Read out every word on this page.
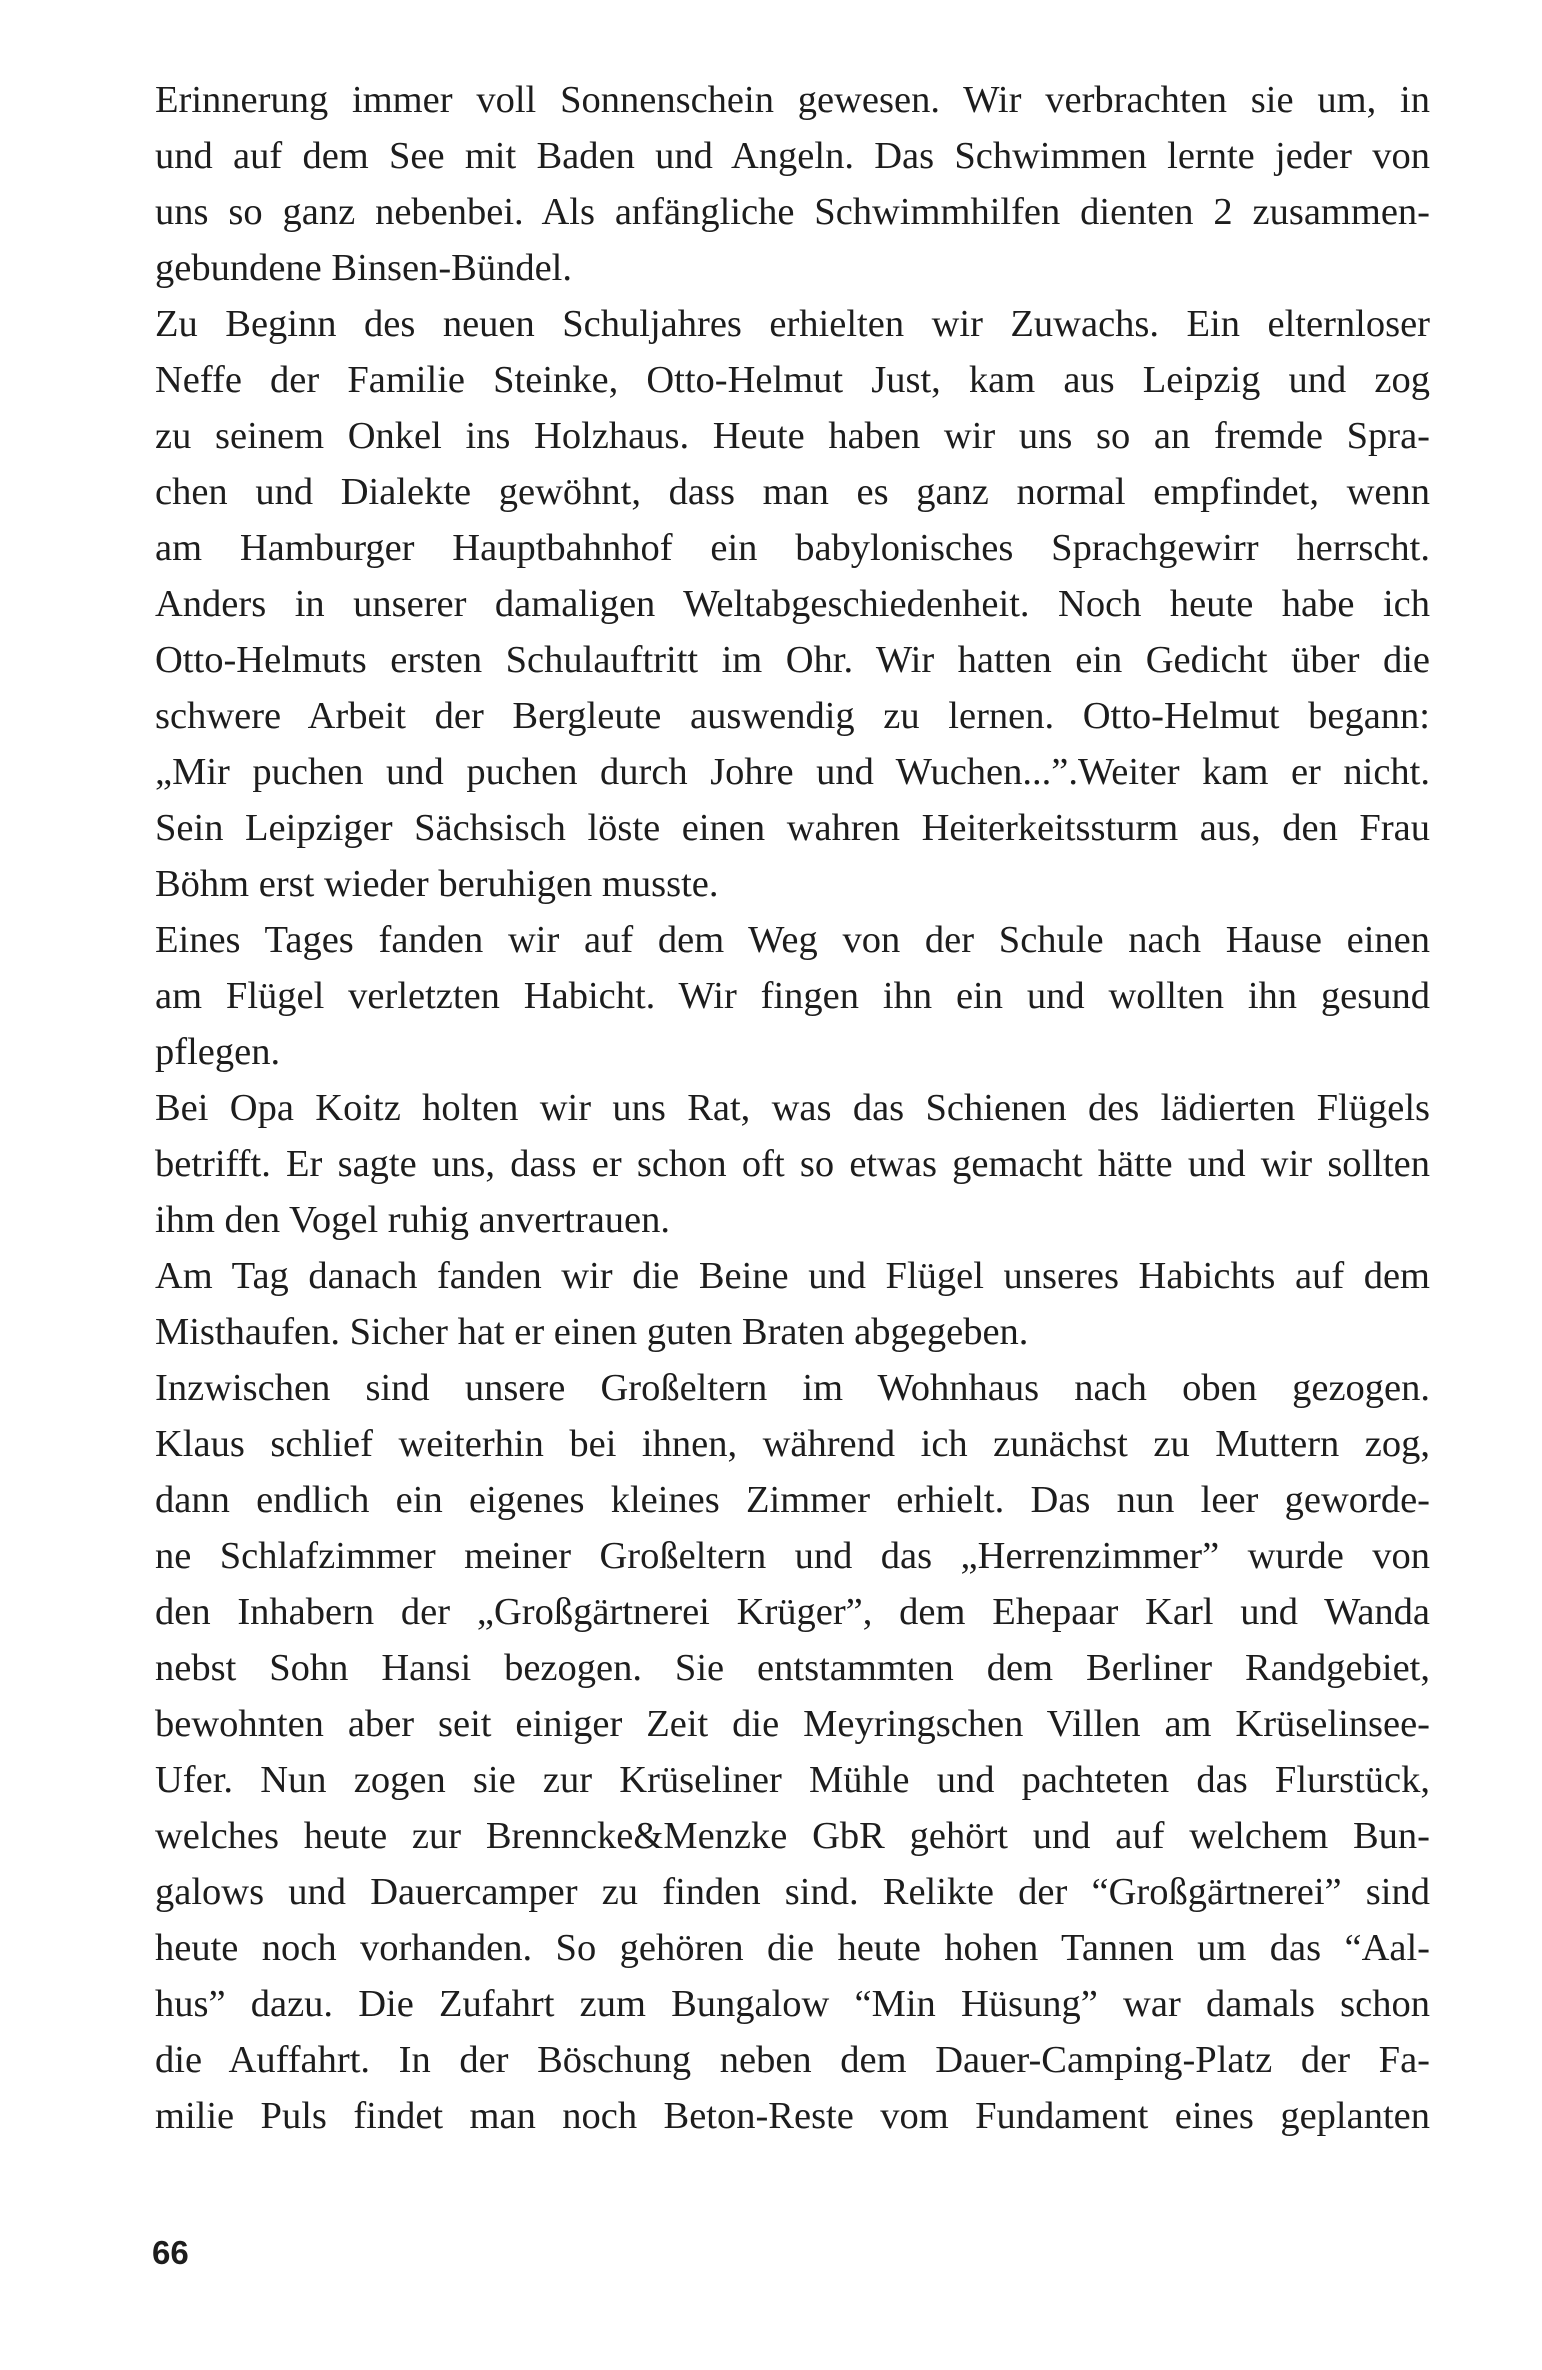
Erinnerung immer voll Sonnenschein gewesen. Wir verbrachten sie um, in
und auf dem See mit Baden und Angeln. Das Schwimmen lernte jeder von
uns so ganz nebenbei. Als anfängliche Schwimmhilfen dienten 2 zusammen-
gebundene Binsen-Bündel.

Zu Beginn des neuen Schuljahres erhielten wir Zuwachs. Ein elternloser
Neffe der Familie Steinke, Otto-Helmut Just, kam aus Leipzig und zog
zu seinem Onkel ins Holzhaus. Heute haben wir uns so an fremde Spra-
chen und Dialekte gewöhnt, dass man es ganz normal empfindet, wenn
am Hamburger Hauptbahnhof ein babylonisches Sprachgewirr herrscht.
Anders in unserer damaligen Weltabgeschiedenheit. Noch heute habe ich
Otto-Helmuts ersten Schulauftritt im Ohr. Wir hatten ein Gedicht über die
schwere Arbeit der Bergleute auswendig zu lernen. Otto-Helmut begann:
„Mir puchen und puchen durch Johre und Wuchen...”.Weiter kam er nicht.
Sein Leipziger Sächsisch löste einen wahren Heiterkeitssturm aus, den Frau
Böhm erst wieder beruhigen musste.

Eines Tages fanden wir auf dem Weg von der Schule nach Hause einen
am Flügel verletzten Habicht. Wir fingen ihn ein und wollten ihn gesund
pflegen.

Bei Opa Koitz holten wir uns Rat, was das Schienen des lädierten Flügels
betrifft. Er sagte uns, dass er schon oft so etwas gemacht hätte und wir sollten
ihm den Vogel ruhig anvertrauen.

Am Tag danach fanden wir die Beine und Flügel unseres Habichts auf dem
Misthaufen. Sicher hat er einen guten Braten abgegeben.

Inzwischen sind unsere Großeltern im Wohnhaus nach oben gezogen.
Klaus schlief weiterhin bei ihnen, während ich zunächst zu Muttern zog,
dann endlich ein eigenes kleines Zimmer erhielt. Das nun leer geworde-
ne Schlafzimmer meiner Großeltern und das „Herrenzimmer” wurde von
den Inhabern der „Großgärtnerei Krüger”, dem Ehepaar Karl und Wanda
nebst Sohn Hansi bezogen. Sie entstammten dem Berliner Randgebiet,
bewohnten aber seit einiger Zeit die Meyringschen Villen am Krüselinsee-
Ufer. Nun zogen sie zur Krüseliner Mühle und pachteten das Flurstück,
welches heute zur Brenncke&Menzke GbR gehört und auf welchem Bun-
galows und Dauercamper zu finden sind. Relikte der “Großgärtnerei” sind
heute noch vorhanden. So gehören die heute hohen Tannen um das “Aal-
hus” dazu. Die Zufahrt zum Bungalow “Min Hüsung” war damals schon
die Auffahrt. In der Böschung neben dem Dauer-Camping-Platz der Fa-
milie Puls findet man noch Beton-Reste vom Fundament eines geplanten

66
